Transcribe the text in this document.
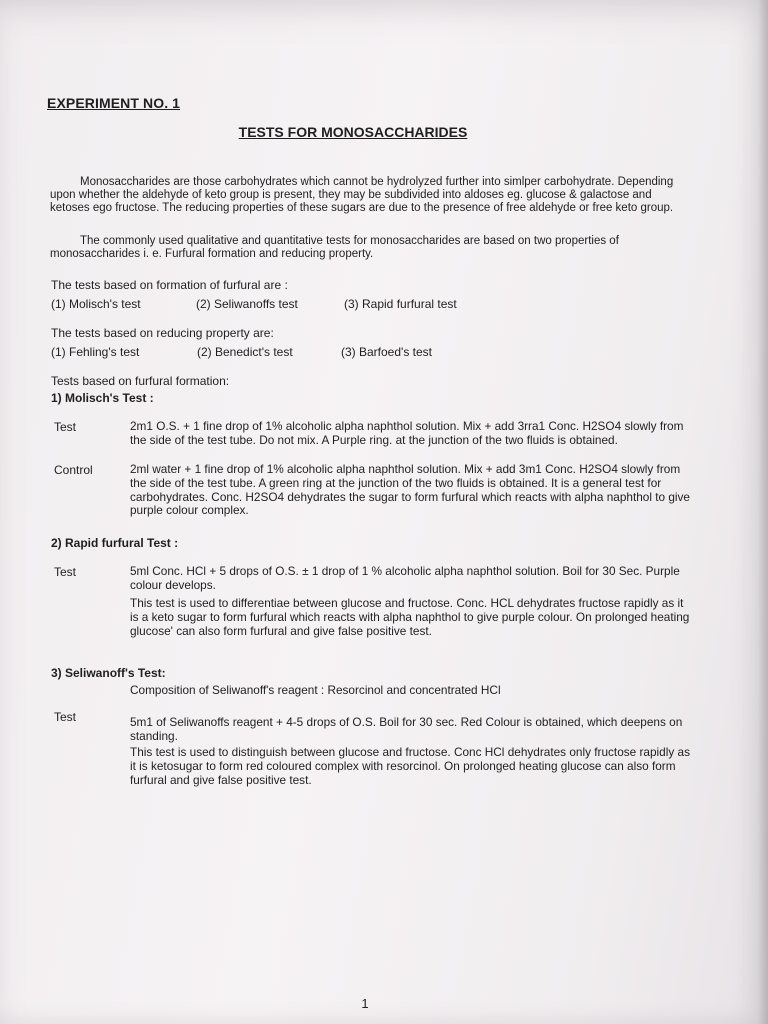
EXPERIMENT NO. 1

TESTS FOR MONOSACCHARIDES

Monosaccharides are those carbohydrates which cannot be hydrolyzed further into simlper carbohydrate. Depending upon whether the aldehyde of keto group is present, they may be subdivided into aldoses eg. glucose & galactose and ketoses ego fructose. The reducing properties of these sugars are due to the presence of free aldehyde or free keto group.

The commonly used qualitative and quantitative tests for monosaccharides are based on two properties of monosaccharides i. e. Furfural formation and reducing property.

The tests based on formation of furfural are :

(1) Molisch's test	(2) Seliwanoffs test	(3) Rapid furfural test

The tests based on reducing property are:

(1) Fehling's test	(2) Benedict's test	(3) Barfoed's test

Tests based on furfural formation:

1) Molisch's Test :

Test	2m1 O.S. + 1 fine drop of 1% alcoholic alpha naphthol solution. Mix + add 3rra1 Conc. H2SO4 slowly from the side of the test tube. Do not mix. A Purple ring. at the junction of the two fluids is obtained.

Control	2ml water + 1 fine drop of 1% alcoholic alpha naphthol solution. Mix + add 3m1 Conc. H2SO4 slowly from the side of the test tube. A green ring at the junction of the two fluids is obtained. It is a general test for carbohydrates. Conc. H2SO4 dehydrates the sugar to form furfural which reacts with alpha naphthol to give purple colour complex.

2) Rapid furfural Test :

Test	5ml Conc. HCl + 5 drops of O.S. ± 1 drop of 1 % alcoholic alpha naphthol solution. Boil for 30 Sec. Purple colour develops.

This test is used to differentiae between glucose and fructose. Conc. HCL dehydrates fructose rapidly as it is a keto sugar to form furfural which reacts with alpha naphthol to give purple colour. On prolonged heating glucose' can also form furfural and give false positive test.

3) Seliwanoff's Test:

Composition of Seliwanoff's reagent : Resorcinol and concentrated HCl

Test	5m1 of Seliwanoffs reagent + 4-5 drops of O.S. Boil for 30 sec. Red Colour is obtained, which deepens on standing.

This test is used to distinguish between glucose and fructose. Conc HCl dehydrates only fructose rapidly as it is ketosugar to form red coloured complex with resorcinol. On prolonged heating glucose can also form furfural and give false positive test.

1
